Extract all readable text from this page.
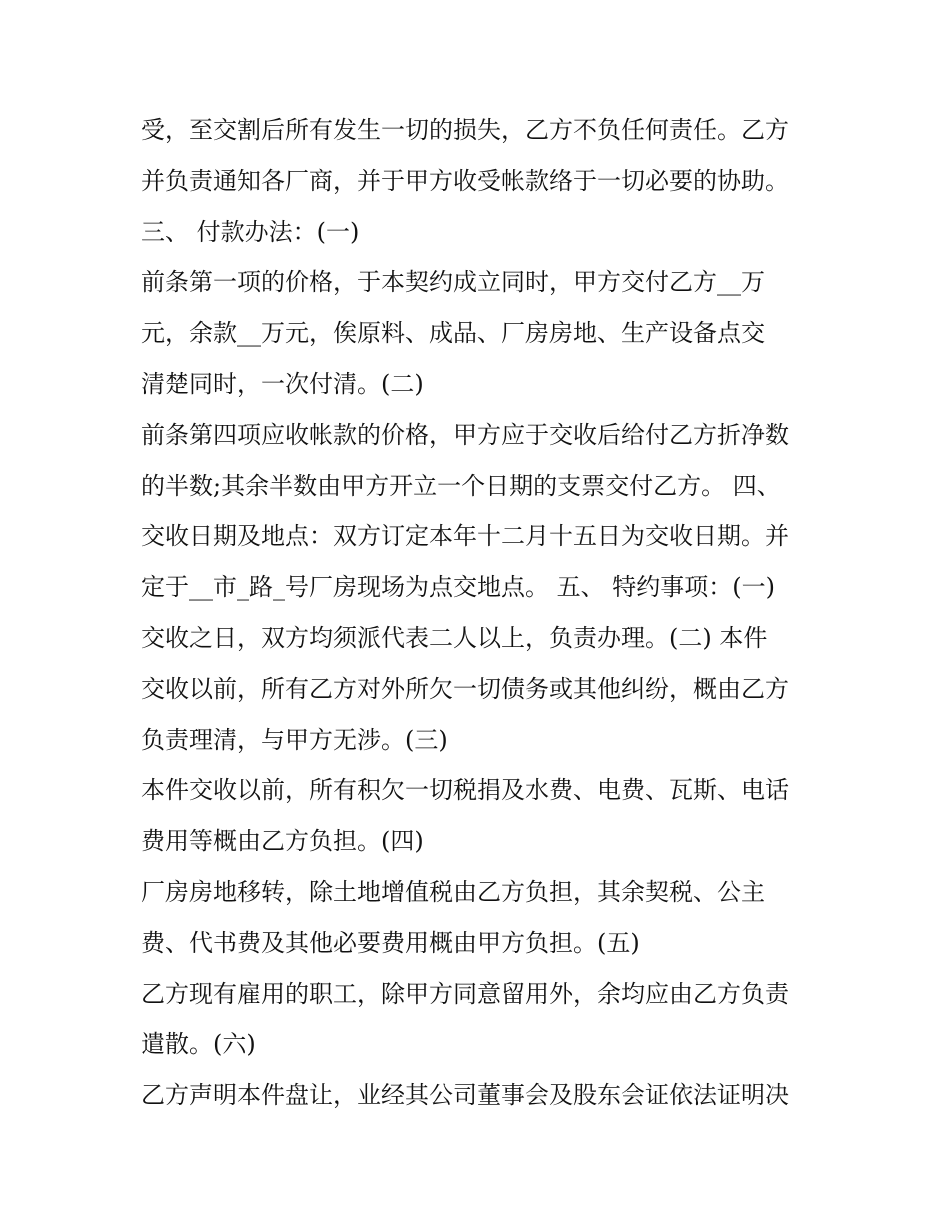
受，至交割后所有发生一切的损失，乙方不负任何责任。乙方
并负责通知各厂商，并于甲方收受帐款络于一切必要的协助。
三、 付款办法：(一)
前条第一项的价格，于本契约成立同时，甲方交付乙方__万
元，余款__万元，俟原料、成品、厂房房地、生产设备点交
清楚同时，一次付清。(二)
前条第四项应收帐款的价格，甲方应于交收后给付乙方折净数
的半数;其余半数由甲方开立一个日期的支票交付乙方。 四、
交收日期及地点：双方订定本年十二月十五日为交收日期。并
定于__市_路_号厂房现场为点交地点。 五、 特约事项：(一)
交收之日，双方均须派代表二人以上，负责办理。(二) 本件
交收以前，所有乙方对外所欠一切债务或其他纠纷，概由乙方
负责理清，与甲方无涉。(三)
本件交收以前，所有积欠一切税捐及水费、电费、瓦斯、电话
费用等概由乙方负担。(四)
厂房房地移转，除土地增值税由乙方负担，其余契税、公主
费、代书费及其他必要费用概由甲方负担。(五)
乙方现有雇用的职工，除甲方同意留用外，余均应由乙方负责
遣散。(六)
乙方声明本件盘让，业经其公司董事会及股东会证依法证明决
